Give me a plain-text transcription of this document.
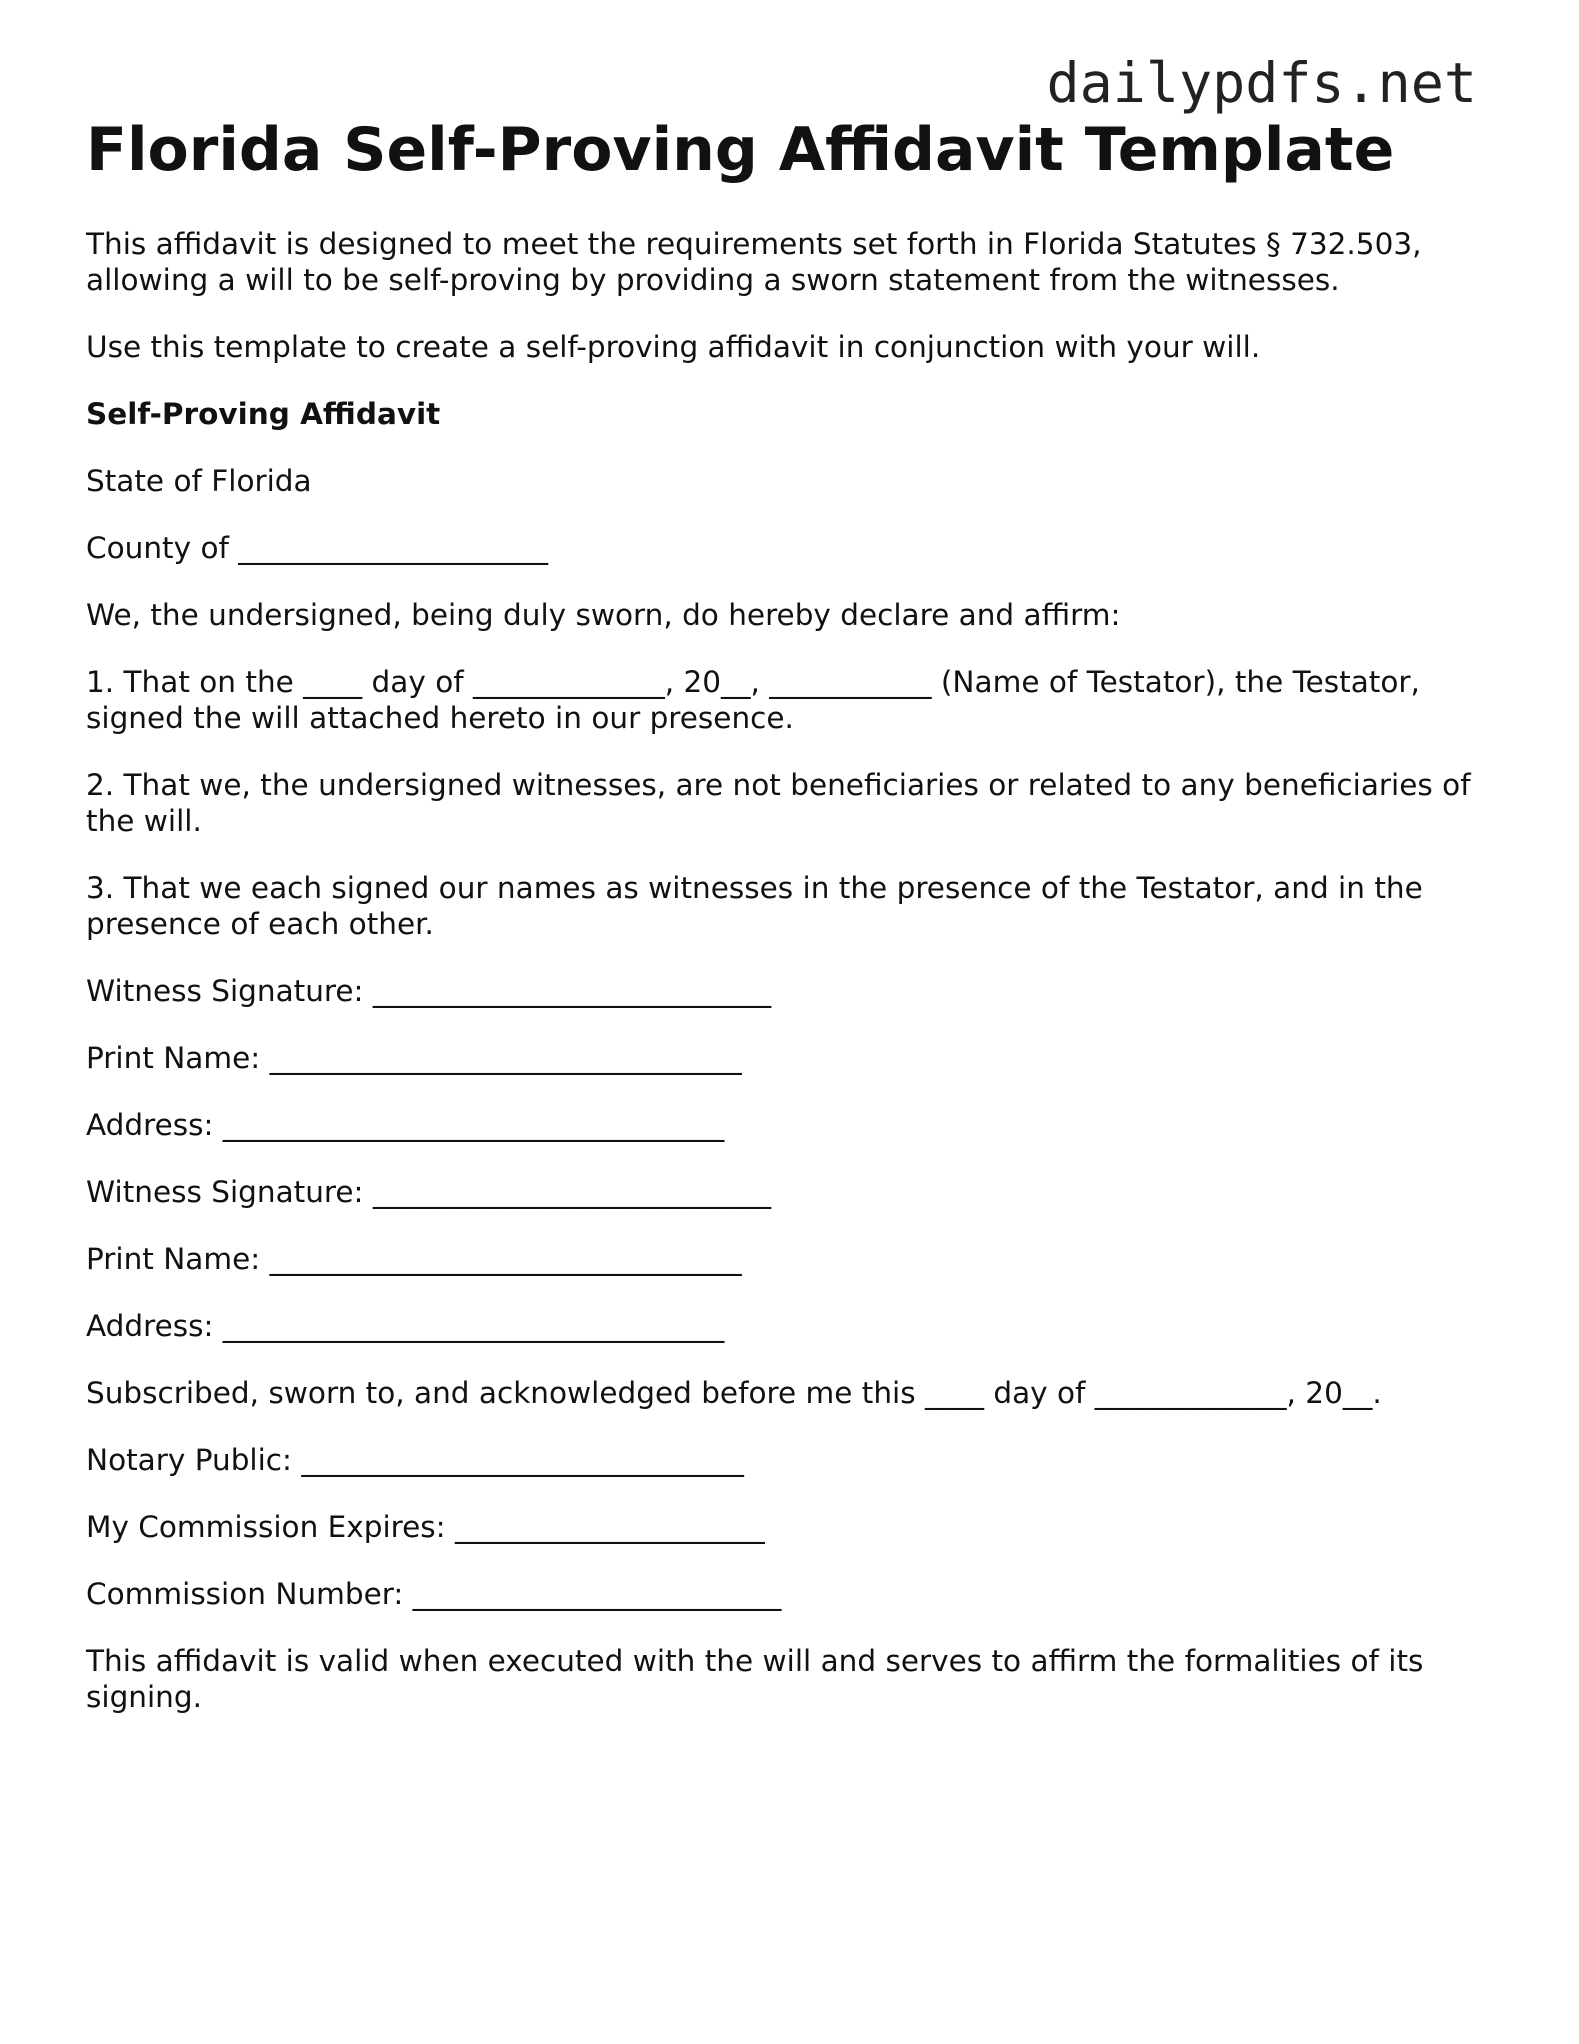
dailypdfs.net
Florida Self-Proving Affidavit Template

This affidavit is designed to meet the requirements set forth in Florida Statutes § 732.503, allowing a will to be self-proving by providing a sworn statement from the witnesses.

Use this template to create a self-proving affidavit in conjunction with your will.

Self-Proving Affidavit

State of Florida

County of _____________________

We, the undersigned, being duly sworn, do hereby declare and affirm:

1. That on the ____ day of _____________, 20__, ___________ (Name of Testator), the Testator, signed the will attached hereto in our presence.

2. That we, the undersigned witnesses, are not beneficiaries or related to any beneficiaries of the will.

3. That we each signed our names as witnesses in the presence of the Testator, and in the presence of each other.

Witness Signature: ___________________________

Print Name: ________________________________

Address: __________________________________

Witness Signature: ___________________________

Print Name: ________________________________

Address: __________________________________

Subscribed, sworn to, and acknowledged before me this ____ day of _____________, 20__.

Notary Public: ______________________________

My Commission Expires: _____________________

Commission Number: _________________________

This affidavit is valid when executed with the will and serves to affirm the formalities of its signing.
